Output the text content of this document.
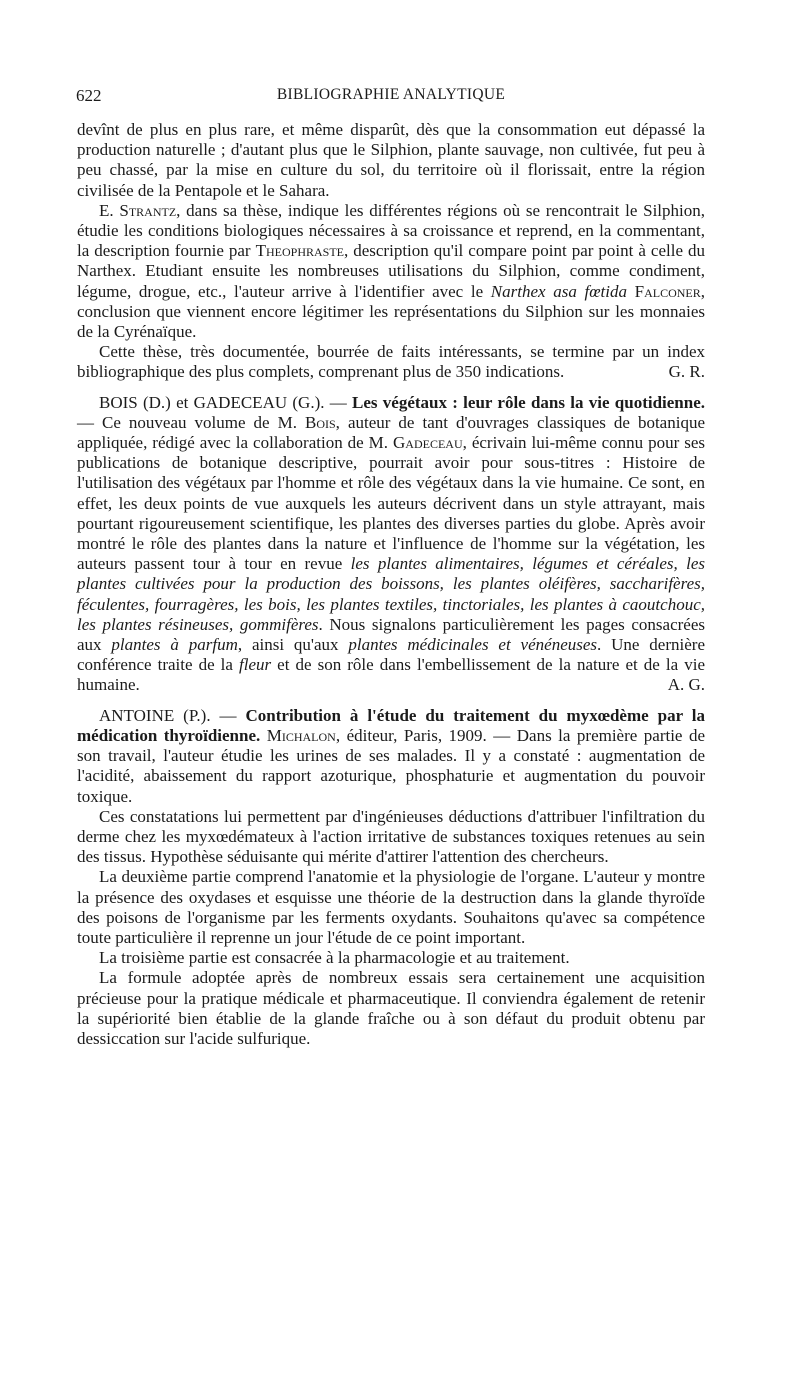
622	BIBLIOGRAPHIE ANALYTIQUE

devînt de plus en plus rare, et même disparût, dès que la consommation eut dépassé la production naturelle ; d'autant plus que le Silphion, plante sauvage, non cultivée, fut peu à peu chassé, par la mise en culture du sol, du territoire où il florissait, entre la région civilisée de la Pentapole et le Sahara.

E. Strantz, dans sa thèse, indique les différentes régions où se rencontrait le Silphion, étudie les conditions biologiques nécessaires à sa croissance et reprend, en la commentant, la description fournie par Theophraste, description qu'il compare point par point à celle du Narthex. Etudiant ensuite les nombreuses utilisations du Silphion, comme condiment, légume, drogue, etc., l'auteur arrive à l'identifier avec le Narthex asa fœtida Falconer, conclusion que viennent encore légitimer les représentations du Silphion sur les monnaies de la Cyrénaïque.

Cette thèse, très documentée, bourrée de faits intéressants, se termine par un index bibliographique des plus complets, comprenant plus de 350 indications.	G. R.

BOIS (D.) et GADECEAU (G.). — Les végétaux : leur rôle dans la vie quotidienne. — Ce nouveau volume de M. Bois, auteur de tant d'ouvrages classiques de botanique appliquée, rédigé avec la collaboration de M. Gadeceau, écrivain lui-même connu pour ses publications de botanique descriptive, pourrait avoir pour sous-titres : Histoire de l'utilisation des végétaux par l'homme et rôle des végétaux dans la vie humaine. Ce sont, en effet, les deux points de vue auxquels les auteurs décrivent dans un style attrayant, mais pourtant rigoureusement scientifique, les plantes des diverses parties du globe. Après avoir montré le rôle des plantes dans la nature et l'influence de l'homme sur la végétation, les auteurs passent tour à tour en revue les plantes alimentaires, légumes et céréales, les plantes cultivées pour la production des boissons, les plantes oléifères, saccharifères, féculentes, fourragères, les bois, les plantes textiles, tinctoriales, les plantes à caoutchouc, les plantes résineuses, gommifères. Nous signalons particulièrement les pages consacrées aux plantes à parfum, ainsi qu'aux plantes médicinales et vénéneuses. Une dernière conférence traite de la fleur et de son rôle dans l'embellissement de la nature et de la vie humaine.	A. G.

ANTOINE (P.). — Contribution à l'étude du traitement du myxœdème par la médication thyroïdienne. Michalon, éditeur, Paris, 1909. — Dans la première partie de son travail, l'auteur étudie les urines de ses malades. Il y a constaté : augmentation de l'acidité, abaissement du rapport azoturique, phosphaturie et augmentation du pouvoir toxique.

Ces constatations lui permettent par d'ingénieuses déductions d'attribuer l'infiltration du derme chez les myxœdémateux à l'action irritative de substances toxiques retenues au sein des tissus. Hypothèse séduisante qui mérite d'attirer l'attention des chercheurs.

La deuxième partie comprend l'anatomie et la physiologie de l'organe. L'auteur y montre la présence des oxydases et esquisse une théorie de la destruction dans la glande thyroïde des poisons de l'organisme par les ferments oxydants. Souhaitons qu'avec sa compétence toute particulière il reprenne un jour l'étude de ce point important.

La troisième partie est consacrée à la pharmacologie et au traitement.

La formule adoptée après de nombreux essais sera certainement une acquisition précieuse pour la pratique médicale et pharmaceutique. Il conviendra également de retenir la supériorité bien établie de la glande fraîche ou à son défaut du produit obtenu par dessiccation sur l'acide sulfurique.
